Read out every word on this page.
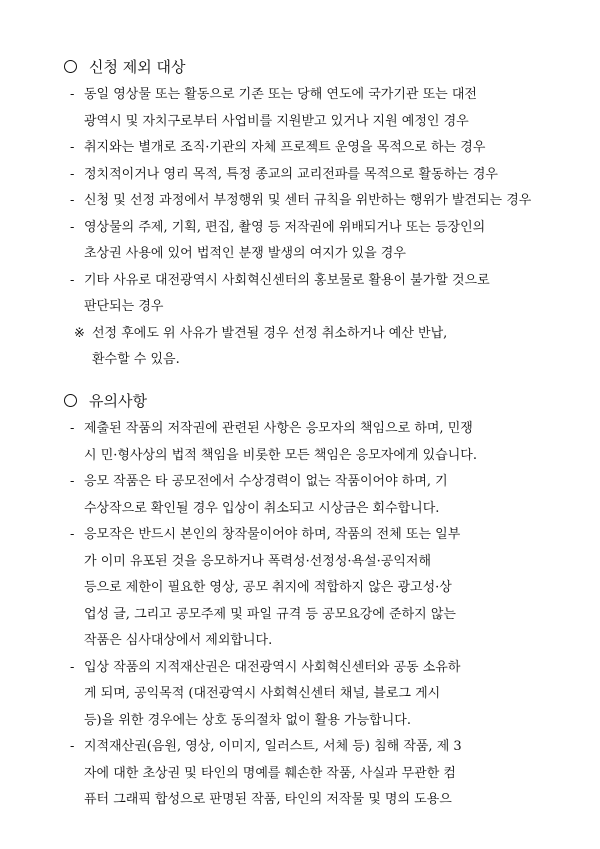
신청 제외 대상
- 동일 영상물 또는 활동으로 기존 또는 당해 연도에 국가기관 또는 대전
광역시 및 자치구로부터 사업비를 지원받고 있거나 지원 예정인 경우
- 취지와는 별개로 조직·기관의 자체 프로젝트 운영을 목적으로 하는 경우
- 정치적이거나 영리 목적, 특정 종교의 교리전파를 목적으로 활동하는 경우
- 신청 및 선정 과정에서 부정행위 및 센터 규칙을 위반하는 행위가 발견되는 경우
- 영상물의 주제, 기획, 편집, 촬영 등 저작권에 위배되거나 또는 등장인의
초상권 사용에 있어 법적인 분쟁 발생의 여지가 있을 경우
- 기타 사유로 대전광역시 사회혁신센터의 홍보물로 활용이 불가할 것으로
판단되는 경우
※ 선정 후에도 위 사유가 발견될 경우 선정 취소하거나 예산 반납,
환수할 수 있음.
유의사항
- 제출된 작품의 저작권에 관련된 사항은 응모자의 책임으로 하며, 민쟁
시 민·형사상의 법적 책임을 비롯한 모든 책임은 응모자에게 있습니다.
- 응모 작품은 타 공모전에서 수상경력이 없는 작품이어야 하며, 기
수상작으로 확인될 경우 입상이 취소되고 시상금은 회수합니다.
- 응모작은 반드시 본인의 창작물이어야 하며, 작품의 전체 또는 일부
가 이미 유포된 것을 응모하거나 폭력성·선정성·욕설·공익저해
등으로 제한이 필요한 영상, 공모 취지에 적합하지 않은 광고성·상
업성 글, 그리고 공모주제 및 파일 규격 등 공모요강에 준하지 않는
작품은 심사대상에서 제외합니다.
- 입상 작품의 지적재산권은 대전광역시 사회혁신센터와 공동 소유하
게 되며, 공익목적 (대전광역시 사회혁신센터 채널, 블로그 게시
등)을 위한 경우에는 상호 동의절차 없이 활용 가능합니다.
- 지적재산권(음원, 영상, 이미지, 일러스트, 서체 등) 침해 작품, 제 3
자에 대한 초상권 및 타인의 명예를 훼손한 작품, 사실과 무관한 컴
퓨터 그래픽 합성으로 판명된 작품, 타인의 저작물 및 명의 도용으
